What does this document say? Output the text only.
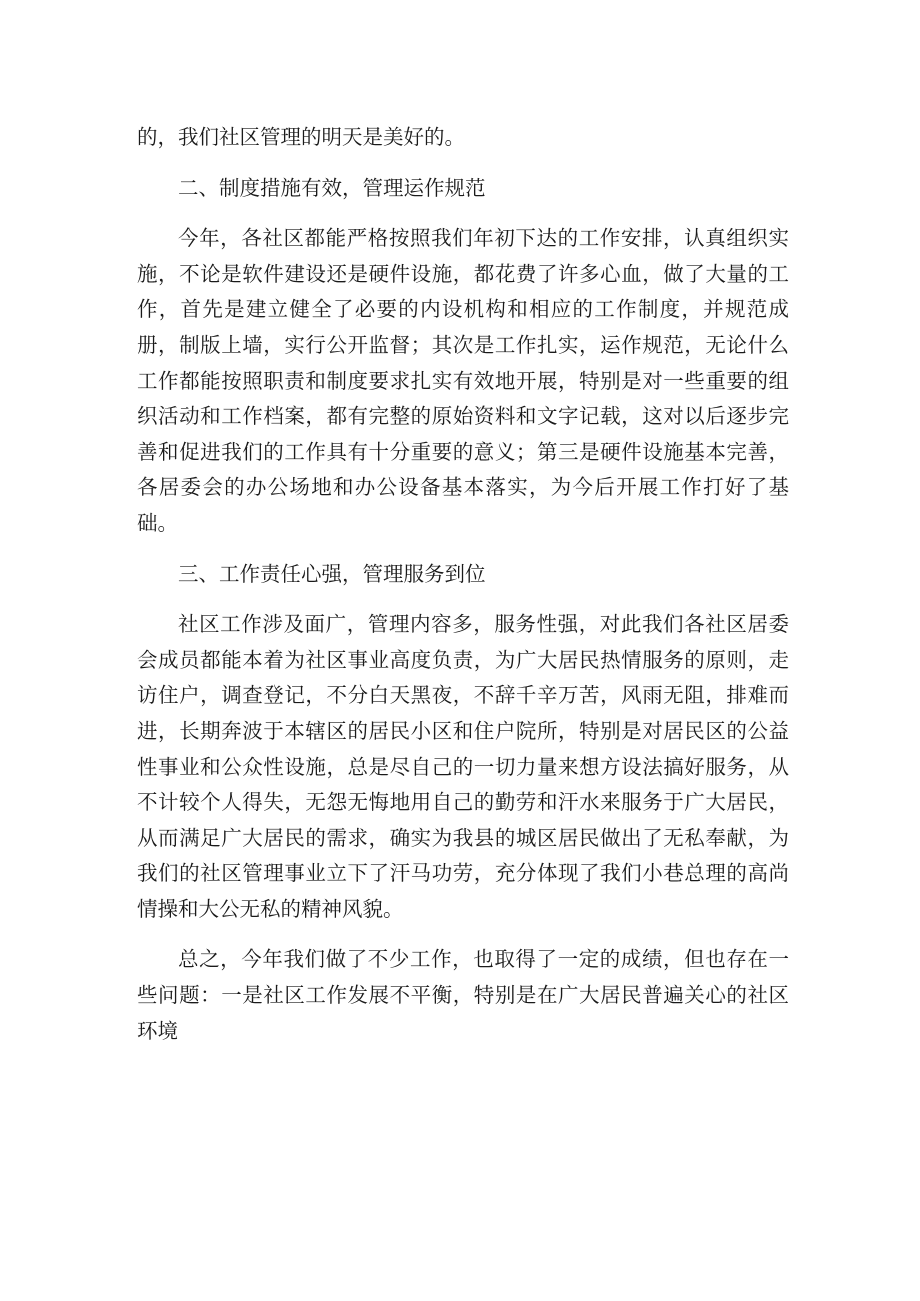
的，我们社区管理的明天是美好的。

二、制度措施有效，管理运作规范

今年，各社区都能严格按照我们年初下达的工作安排，认真组织实施，不论是软件建设还是硬件设施，都花费了许多心血，做了大量的工作，首先是建立健全了必要的内设机构和相应的工作制度，并规范成册，制版上墙，实行公开监督；其次是工作扎实，运作规范，无论什么工作都能按照职责和制度要求扎实有效地开展，特别是对一些重要的组织活动和工作档案，都有完整的原始资料和文字记载，这对以后逐步完善和促进我们的工作具有十分重要的意义；第三是硬件设施基本完善，各居委会的办公场地和办公设备基本落实，为今后开展工作打好了基础。

三、工作责任心强，管理服务到位

社区工作涉及面广，管理内容多，服务性强，对此我们各社区居委会成员都能本着为社区事业高度负责，为广大居民热情服务的原则，走访住户，调查登记，不分白天黑夜，不辞千辛万苦，风雨无阻，排难而进，长期奔波于本辖区的居民小区和住户院所，特别是对居民区的公益性事业和公众性设施，总是尽自己的一切力量来想方设法搞好服务，从不计较个人得失，无怨无悔地用自己的勤劳和汗水来服务于广大居民，从而满足广大居民的需求，确实为我县的城区居民做出了无私奉献，为我们的社区管理事业立下了汗马功劳，充分体现了我们小巷总理的高尚情操和大公无私的精神风貌。

总之，今年我们做了不少工作，也取得了一定的成绩，但也存在一些问题：一是社区工作发展不平衡，特别是在广大居民普遍关心的社区环境
